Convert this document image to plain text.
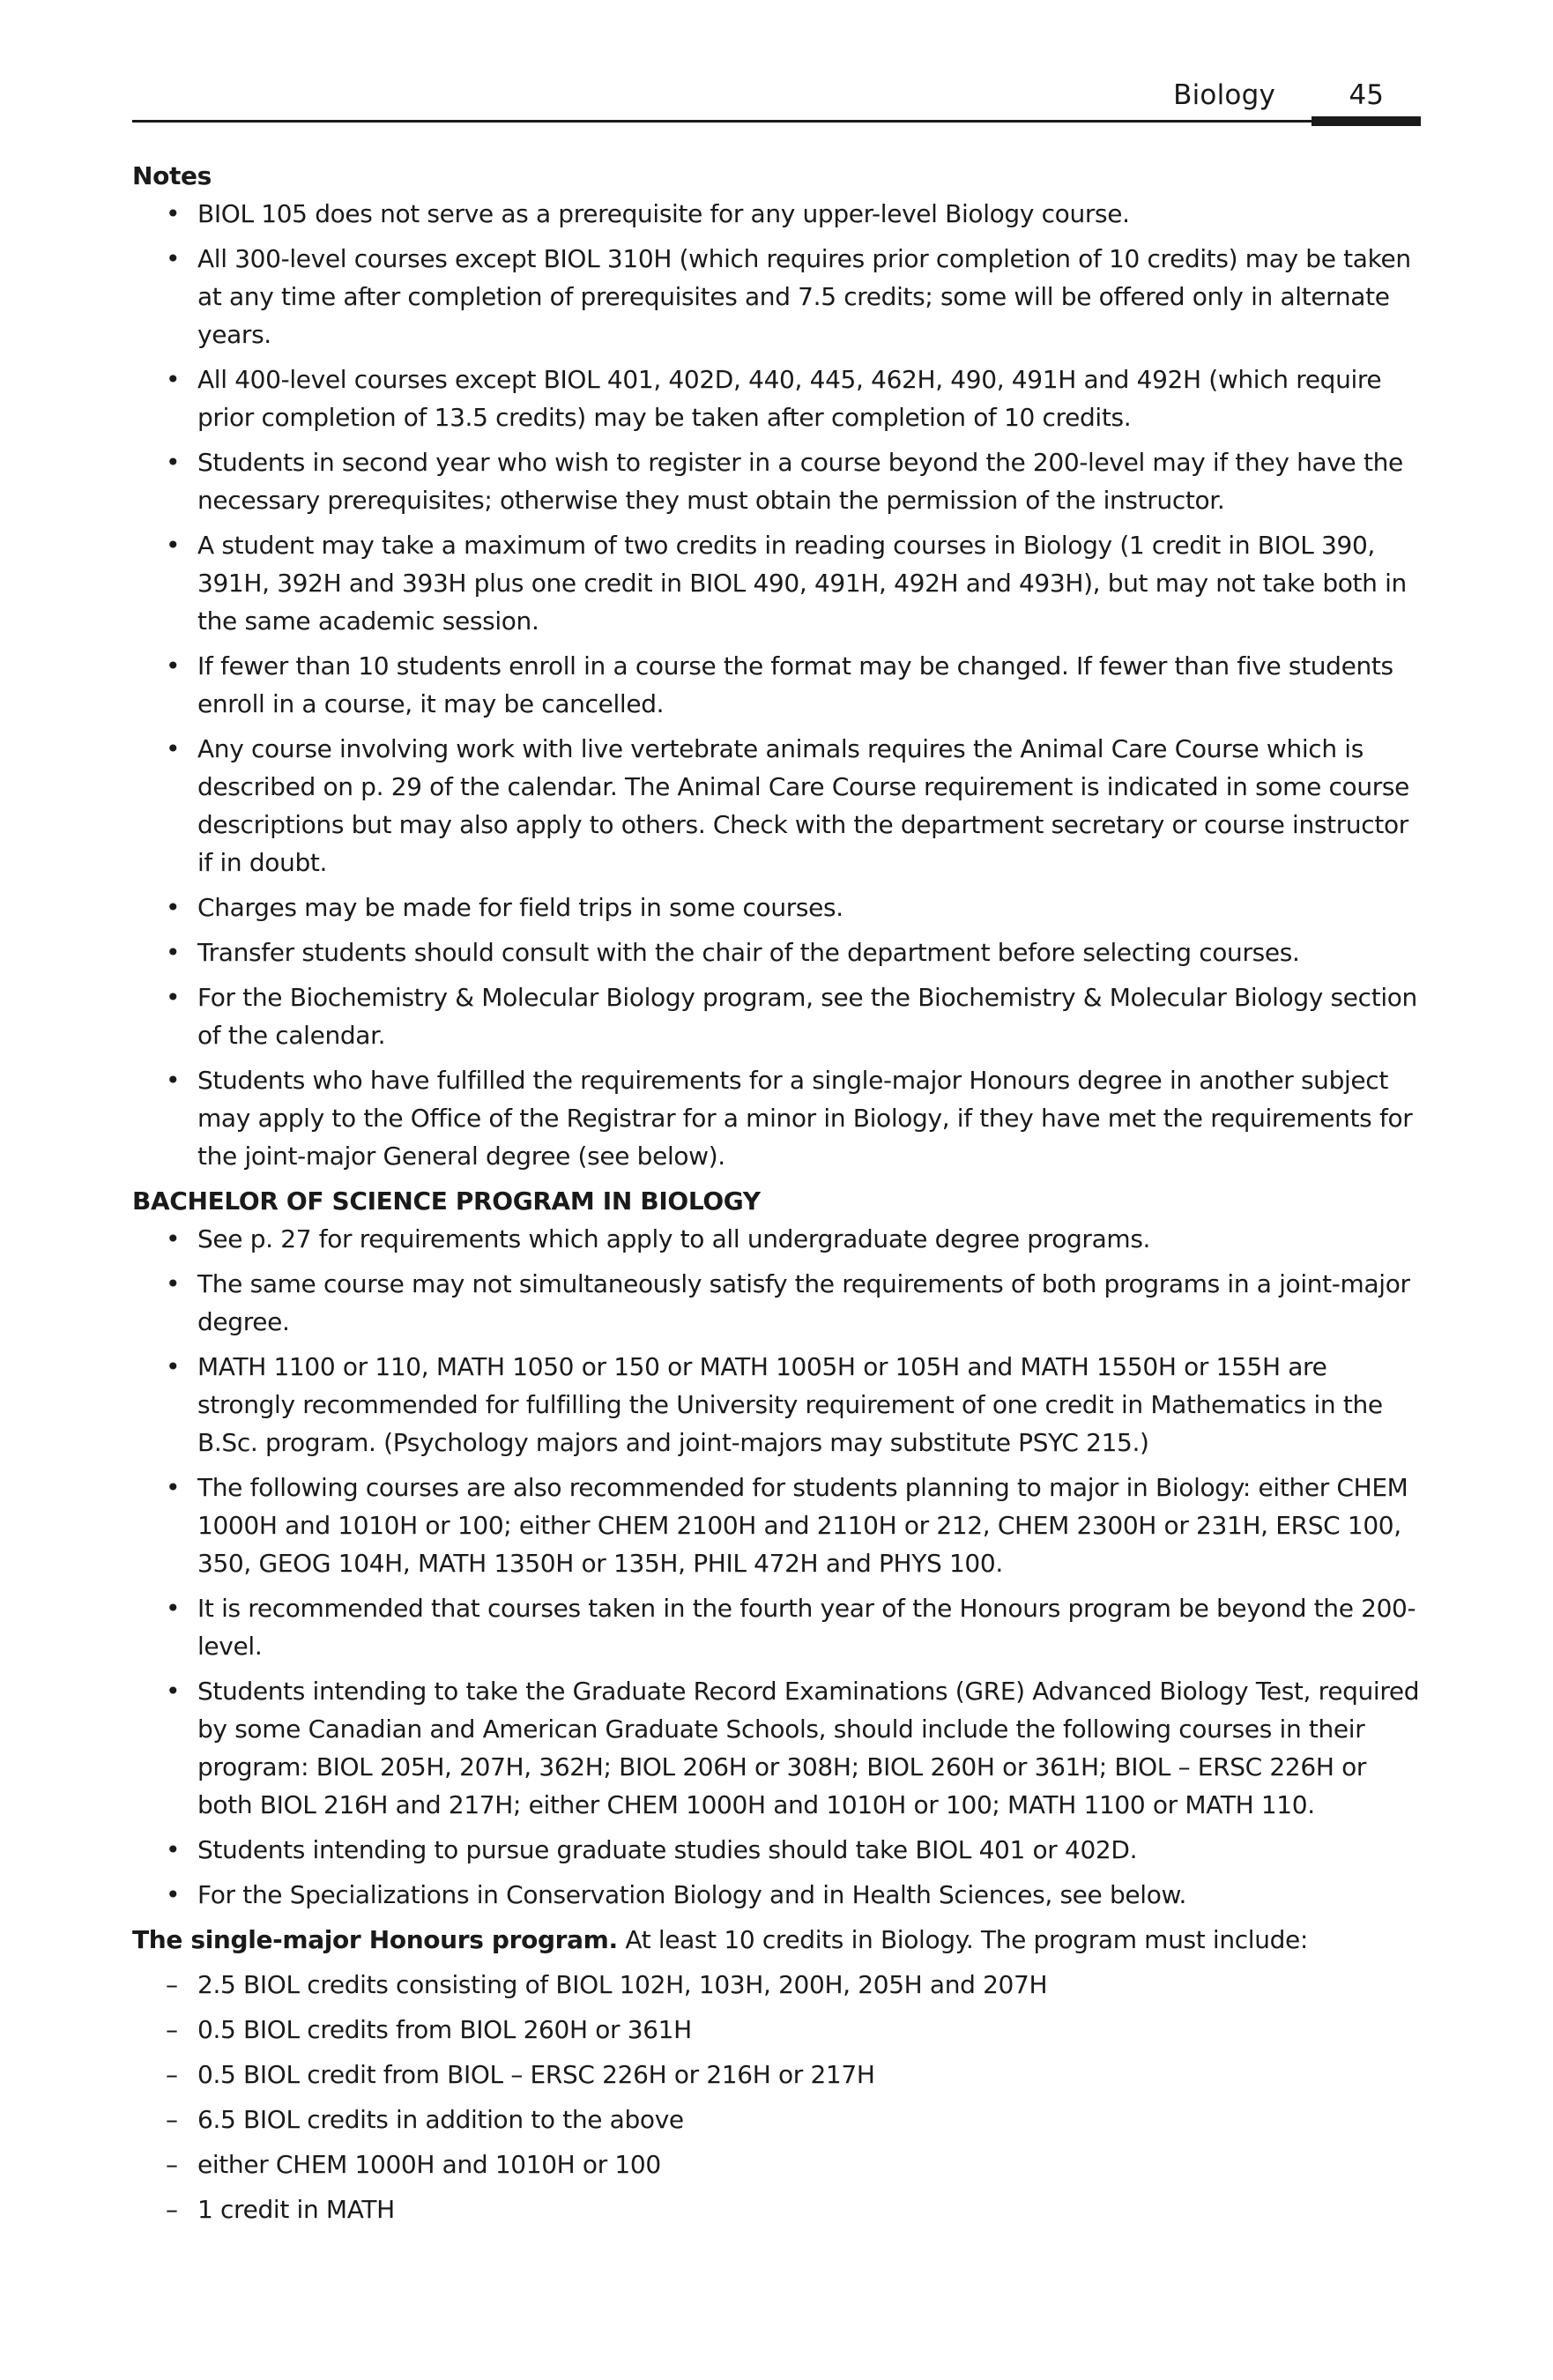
Biology	45

Notes

• BIOL 105 does not serve as a prerequisite for any upper-level Biology course.
• All 300-level courses except BIOL 310H (which requires prior completion of 10 credits) may be taken at any time after completion of prerequisites and 7.5 credits; some will be offered only in alternate years.
• All 400-level courses except BIOL 401, 402D, 440, 445, 462H, 490, 491H and 492H (which require prior completion of 13.5 credits) may be taken after completion of 10 credits.
• Students in second year who wish to register in a course beyond the 200-level may if they have the necessary prerequisites; otherwise they must obtain the permission of the instructor.
• A student may take a maximum of two credits in reading courses in Biology (1 credit in BIOL 390, 391H, 392H and 393H plus one credit in BIOL 490, 491H, 492H and 493H), but may not take both in the same academic session.
• If fewer than 10 students enroll in a course the format may be changed. If fewer than five students enroll in a course, it may be cancelled.
• Any course involving work with live vertebrate animals requires the Animal Care Course which is described on p. 29 of the calendar. The Animal Care Course requirement is indicated in some course descriptions but may also apply to others. Check with the department secretary or course instructor if in doubt.
• Charges may be made for field trips in some courses.
• Transfer students should consult with the chair of the department before selecting courses.
• For the Biochemistry & Molecular Biology program, see the Biochemistry & Molecular Biology section of the calendar.
• Students who have fulfilled the requirements for a single-major Honours degree in another subject may apply to the Office of the Registrar for a minor in Biology, if they have met the requirements for the joint-major General degree (see below).

BACHELOR OF SCIENCE PROGRAM IN BIOLOGY

• See p. 27 for requirements which apply to all undergraduate degree programs.
• The same course may not simultaneously satisfy the requirements of both programs in a joint-major degree.
• MATH 1100 or 110, MATH 1050 or 150 or MATH 1005H or 105H and MATH 1550H or 155H are strongly recommended for fulfilling the University requirement of one credit in Mathematics in the B.Sc. program. (Psychology majors and joint-majors may substitute PSYC 215.)
• The following courses are also recommended for students planning to major in Biology: either CHEM 1000H and 1010H or 100; either CHEM 2100H and 2110H or 212, CHEM 2300H or 231H, ERSC 100, 350, GEOG 104H, MATH 1350H or 135H, PHIL 472H and PHYS 100.
• It is recommended that courses taken in the fourth year of the Honours program be beyond the 200-level.
• Students intending to take the Graduate Record Examinations (GRE) Advanced Biology Test, required by some Canadian and American Graduate Schools, should include the following courses in their program: BIOL 205H, 207H, 362H; BIOL 206H or 308H; BIOL 260H or 361H; BIOL – ERSC 226H or both BIOL 216H and 217H; either CHEM 1000H and 1010H or 100; MATH 1100 or MATH 110.
• Students intending to pursue graduate studies should take BIOL 401 or 402D.
• For the Specializations in Conservation Biology and in Health Sciences, see below.

The single-major Honours program. At least 10 credits in Biology. The program must include:

– 2.5 BIOL credits consisting of BIOL 102H, 103H, 200H, 205H and 207H
– 0.5 BIOL credits from BIOL 260H or 361H
– 0.5 BIOL credit from BIOL – ERSC 226H or 216H or 217H
– 6.5 BIOL credits in addition to the above
– either CHEM 1000H and 1010H or 100
– 1 credit in MATH
